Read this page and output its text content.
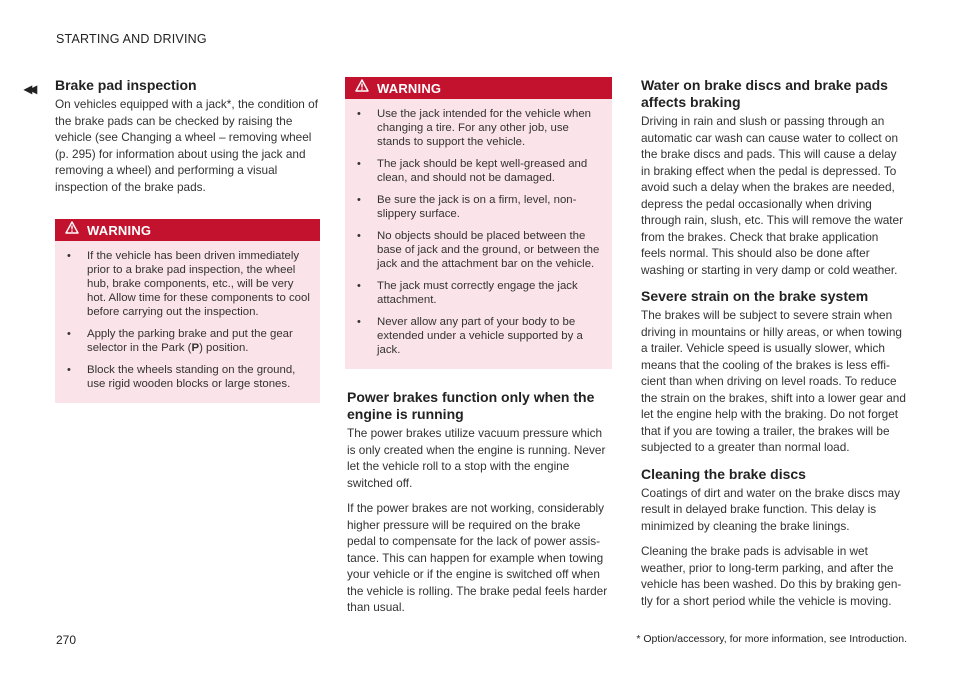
STARTING AND DRIVING
◂◂ Brake pad inspection

On vehicles equipped with a jack*, the condition of the brake pads can be checked by raising the vehicle (see Changing a wheel – removing wheel (p. 295) for information about using the jack and removing a wheel) and performing a visual inspection of the brake pads.

WARNING
•	If the vehicle has been driven immediately prior to a brake pad inspection, the wheel hub, brake components, etc., will be very hot. Allow time for these components to cool before carrying out the inspection.
•	Apply the parking brake and put the gear selector in the Park (P) position.
•	Block the wheels standing on the ground, use rigid wooden blocks or large stones.
WARNING
•	Use the jack intended for the vehicle when changing a tire. For any other job, use stands to support the vehicle.
•	The jack should be kept well-greased and clean, and should not be damaged.
•	Be sure the jack is on a firm, level, non-slippery surface.
•	No objects should be placed between the base of jack and the ground, or between the jack and the attachment bar on the vehicle.
•	The jack must correctly engage the jack attachment.
•	Never allow any part of your body to be extended under a vehicle supported by a jack.
Power brakes function only when the engine is running

The power brakes utilize vacuum pressure which is only created when the engine is running. Never let the vehicle roll to a stop with the engine switched off.

If the power brakes are not working, considerably higher pressure will be required on the brake pedal to compensate for the lack of power assis-tance. This can happen for example when towing your vehicle or if the engine is switched off when the vehicle is rolling. The brake pedal feels harder than usual.

Water on brake discs and brake pads affects braking

Driving in rain and slush or passing through an automatic car wash can cause water to collect on the brake discs and pads. This will cause a delay in braking effect when the pedal is depressed. To avoid such a delay when the brakes are needed, depress the pedal occasionally when driving through rain, slush, etc. This will remove the water from the brakes. Check that brake application feels normal. This should also be done after washing or starting in very damp or cold weather.

Severe strain on the brake system

The brakes will be subject to severe strain when driving in mountains or hilly areas, or when towing a trailer. Vehicle speed is usually slower, which means that the cooling of the brakes is less effi-cient than when driving on level roads. To reduce the strain on the brakes, shift into a lower gear and let the engine help with the braking. Do not forget that if you are towing a trailer, the brakes will be subjected to a greater than normal load.

Cleaning the brake discs

Coatings of dirt and water on the brake discs may result in delayed brake function. This delay is minimized by cleaning the brake linings.

Cleaning the brake pads is advisable in wet weather, prior to long-term parking, and after the vehicle has been washed. Do this by braking gen-tly for a short period while the vehicle is moving.

270	* Option/accessory, for more information, see Introduction.
